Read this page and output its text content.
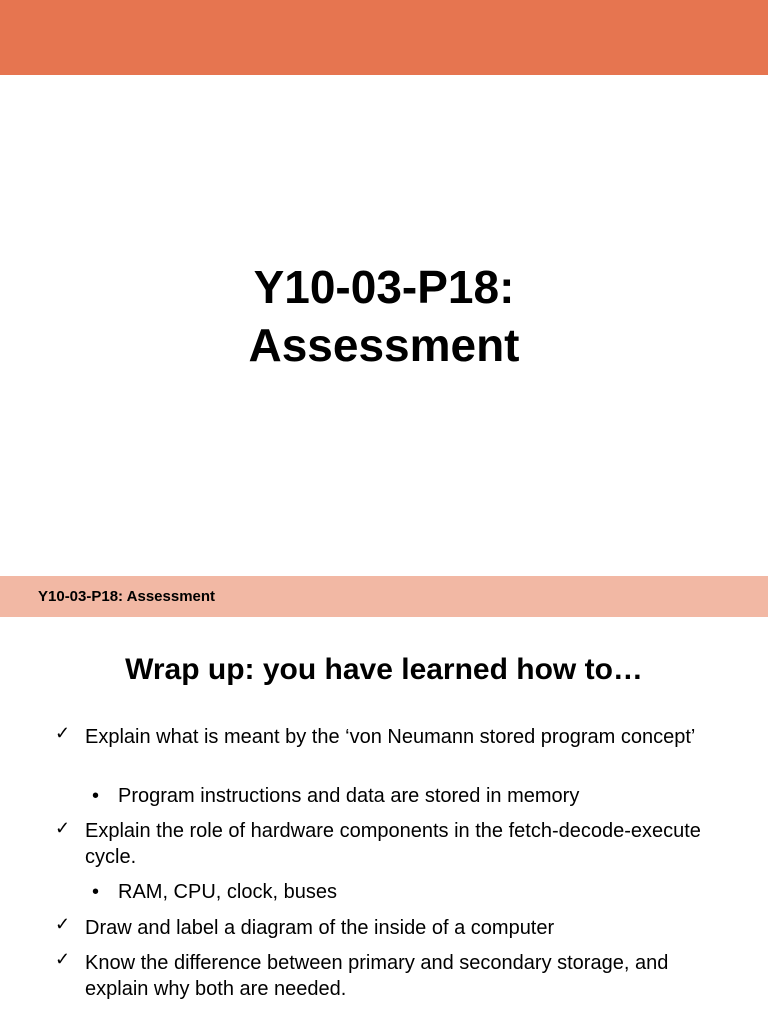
Y10-03-P18:
Assessment
Y10-03-P18: Assessment
Wrap up: you have learned how to…
✓ Explain what is meant by the ‘von Neumann stored program concept’
• Program instructions and data are stored in memory
✓ Explain the role of hardware components in the fetch-decode-execute cycle.
• RAM, CPU, clock, buses
✓ Draw and label a diagram of the inside of a computer
✓ Know the difference between primary and secondary storage, and explain why both are needed.
